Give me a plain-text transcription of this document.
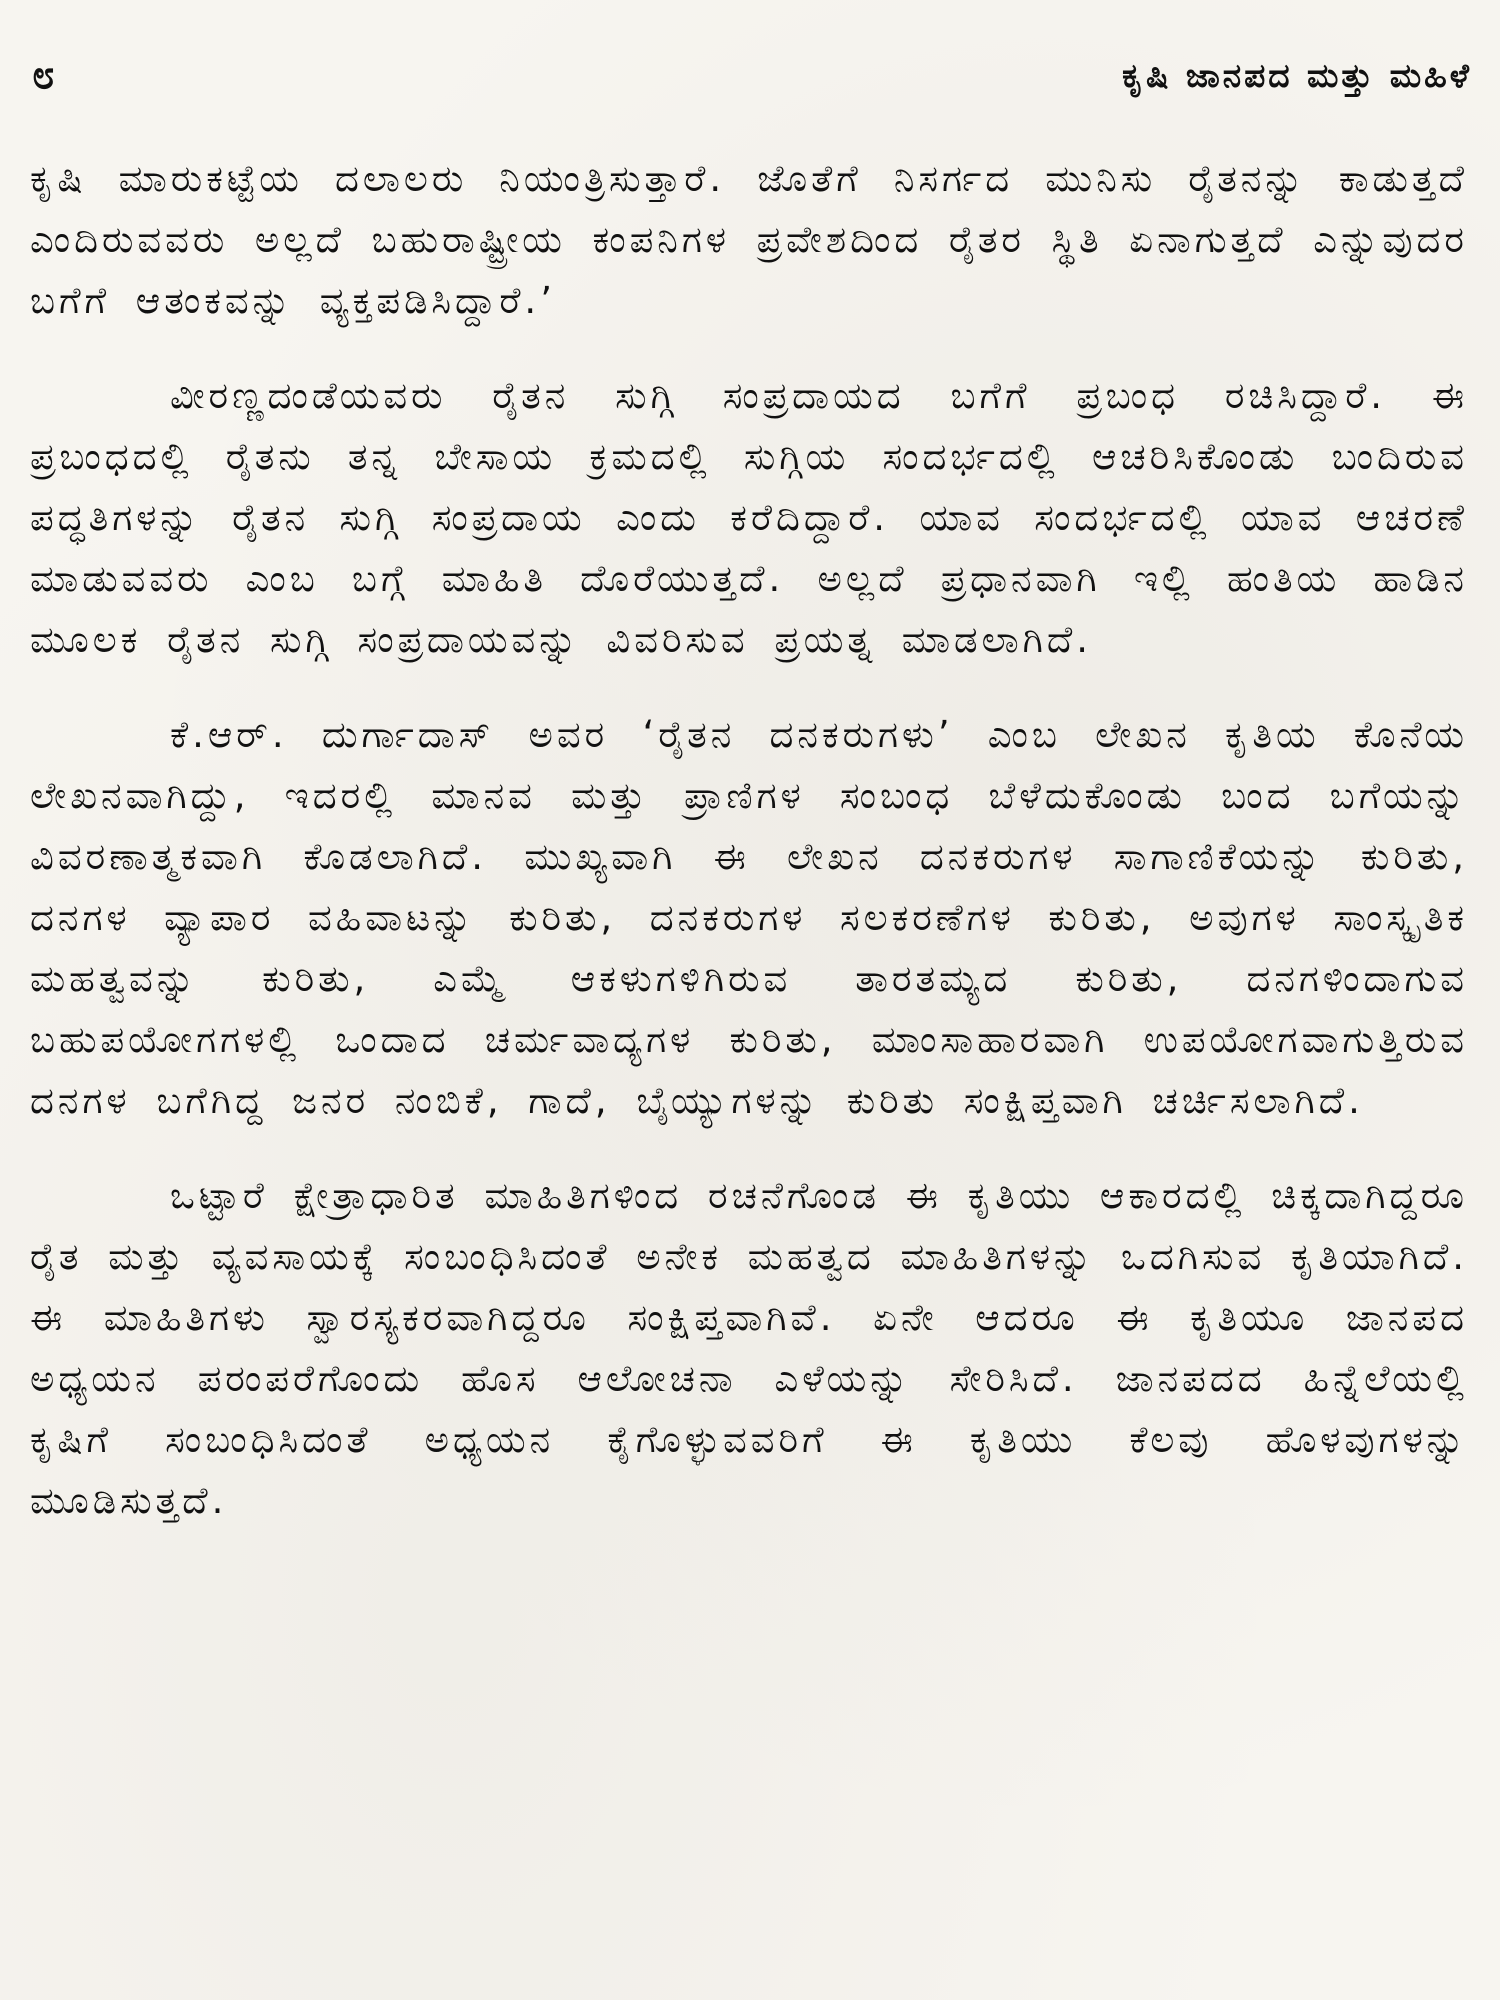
೮	ಕೃಷಿ ಜಾನಪದ ಮತ್ತು ಮಹಿಳೆ

ಕೃಷಿ ಮಾರುಕಟ್ಟೆಯ ದಲಾಲರು ನಿಯಂತ್ರಿಸುತ್ತಾರೆ. ಜೊತೆಗೆ ನಿಸರ್ಗದ ಮುನಿಸು ರೈತನನ್ನು ಕಾಡುತ್ತದೆ ಎಂದಿರುವವರು ಅಲ್ಲದೆ ಬಹುರಾಷ್ಟ್ರೀಯ ಕಂಪನಿಗಳ ಪ್ರವೇಶದಿಂದ ರೈತರ ಸ್ಥಿತಿ ಏನಾಗುತ್ತದೆ ಎನ್ನುವುದರ ಬಗೆಗೆ ಆತಂಕವನ್ನು ವ್ಯಕ್ತಪಡಿಸಿದ್ದಾರೆ.’

ವೀರಣ್ಣದಂಡೆಯವರು ರೈತನ ಸುಗ್ಗಿ ಸಂಪ್ರದಾಯದ ಬಗೆಗೆ ಪ್ರಬಂಧ ರಚಿಸಿದ್ದಾರೆ. ಈ ಪ್ರಬಂಧದಲ್ಲಿ ರೈತನು ತನ್ನ ಬೇಸಾಯ ಕ್ರಮದಲ್ಲಿ ಸುಗ್ಗಿಯ ಸಂದರ್ಭದಲ್ಲಿ ಆಚರಿಸಿಕೊಂಡು ಬಂದಿರುವ ಪದ್ಧತಿಗಳನ್ನು ರೈತನ ಸುಗ್ಗಿ ಸಂಪ್ರದಾಯ ಎಂದು ಕರೆದಿದ್ದಾರೆ. ಯಾವ ಸಂದರ್ಭದಲ್ಲಿ ಯಾವ ಆಚರಣೆ ಮಾಡುವವರು ಎಂಬ ಬಗ್ಗೆ ಮಾಹಿತಿ ದೊರೆಯುತ್ತದೆ. ಅಲ್ಲದೆ ಪ್ರಧಾನವಾಗಿ ಇಲ್ಲಿ ಹಂತಿಯ ಹಾಡಿನ ಮೂಲಕ ರೈತನ ಸುಗ್ಗಿ ಸಂಪ್ರದಾಯವನ್ನು ವಿವರಿಸುವ ಪ್ರಯತ್ನ ಮಾಡಲಾಗಿದೆ.

ಕೆ.ಆರ್. ದುರ್ಗಾದಾಸ್ ಅವರ ‘ರೈತನ ದನಕರುಗಳು’ ಎಂಬ ಲೇಖನ ಕೃತಿಯ ಕೊನೆಯ ಲೇಖನವಾಗಿದ್ದು, ಇದರಲ್ಲಿ ಮಾನವ ಮತ್ತು ಪ್ರಾಣಿಗಳ ಸಂಬಂಧ ಬೆಳೆದುಕೊಂಡು ಬಂದ ಬಗೆಯನ್ನು ವಿವರಣಾತ್ಮಕವಾಗಿ ಕೊಡಲಾಗಿದೆ. ಮುಖ್ಯವಾಗಿ ಈ ಲೇಖನ ದನಕರುಗಳ ಸಾಗಾಣಿಕೆಯನ್ನು ಕುರಿತು, ದನಗಳ ವ್ಯಾಪಾರ ವಹಿವಾಟನ್ನು ಕುರಿತು, ದನಕರುಗಳ ಸಲಕರಣೆಗಳ ಕುರಿತು, ಅವುಗಳ ಸಾಂಸ್ಕೃತಿಕ ಮಹತ್ವವನ್ನು ಕುರಿತು, ಎಮ್ಮೆ ಆಕಳುಗಳಿಗಿರುವ ತಾರತಮ್ಯದ ಕುರಿತು, ದನಗಳಿಂದಾಗುವ ಬಹುಪಯೋಗಗಳಲ್ಲಿ ಒಂದಾದ ಚರ್ಮವಾದ್ಯಗಳ ಕುರಿತು, ಮಾಂಸಾಹಾರವಾಗಿ ಉಪಯೋಗವಾಗುತ್ತಿರುವ ದನಗಳ ಬಗೆಗಿದ್ದ ಜನರ ನಂಬಿಕೆ, ಗಾದೆ, ಬೈಯ್ಯುಗಳನ್ನು ಕುರಿತು ಸಂಕ್ಷಿಪ್ತವಾಗಿ ಚರ್ಚಿಸಲಾಗಿದೆ.

ಒಟ್ಟಾರೆ ಕ್ಷೇತ್ರಾಧಾರಿತ ಮಾಹಿತಿಗಳಿಂದ ರಚನೆಗೊಂಡ ಈ ಕೃತಿಯು ಆಕಾರದಲ್ಲಿ ಚಿಕ್ಕದಾಗಿದ್ದರೂ ರೈತ ಮತ್ತು ವ್ಯವಸಾಯಕ್ಕೆ ಸಂಬಂಧಿಸಿದಂತೆ ಅನೇಕ ಮಹತ್ವದ ಮಾಹಿತಿಗಳನ್ನು ಒದಗಿಸುವ ಕೃತಿಯಾಗಿದೆ. ಈ ಮಾಹಿತಿಗಳು ಸ್ವಾರಸ್ಯಕರವಾಗಿದ್ದರೂ ಸಂಕ್ಷಿಪ್ತವಾಗಿವೆ. ಏನೇ ಆದರೂ ಈ ಕೃತಿಯೂ ಜಾನಪದ ಅಧ್ಯಯನ ಪರಂಪರೆಗೊಂದು ಹೊಸ ಆಲೋಚನಾ ಎಳೆಯನ್ನು ಸೇರಿಸಿದೆ. ಜಾನಪದದ ಹಿನ್ನೆಲೆಯಲ್ಲಿ ಕೃಷಿಗೆ ಸಂಬಂಧಿಸಿದಂತೆ ಅಧ್ಯಯನ ಕೈಗೊಳ್ಳುವವರಿಗೆ ಈ ಕೃತಿಯು ಕೆಲವು ಹೊಳವುಗಳನ್ನು ಮೂಡಿಸುತ್ತದೆ.
